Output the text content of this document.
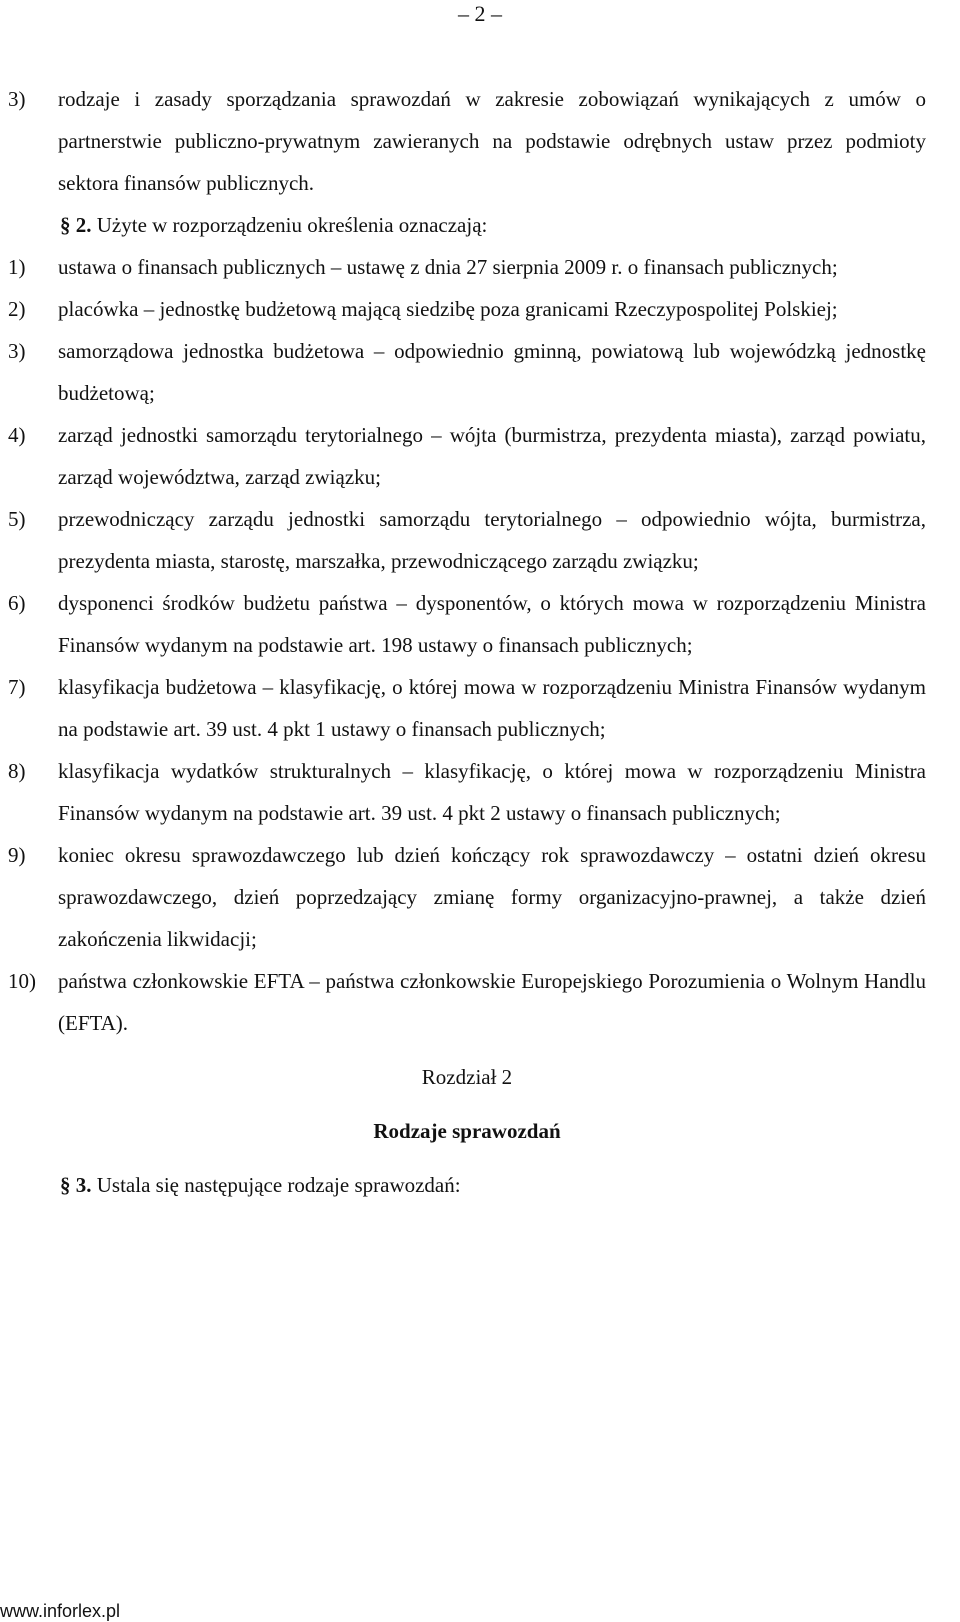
– 2 –
3) rodzaje i zasady sporządzania sprawozdań w zakresie zobowiązań wynikających z umów o partnerstwie publiczno-prywatnym zawieranych na podstawie odrębnych ustaw przez podmioty sektora finansów publicznych.
§ 2. Użyte w rozporządzeniu określenia oznaczają:
1) ustawa o finansach publicznych – ustawę z dnia 27 sierpnia 2009 r. o finansach publicznych;
2) placówka – jednostkę budżetową mającą siedzibę poza granicami Rzeczypospolitej Polskiej;
3) samorządowa jednostka budżetowa – odpowiednio gminną, powiatową lub wojewódzką jednostkę budżetową;
4) zarząd jednostki samorządu terytorialnego – wójta (burmistrza, prezydenta miasta), zarząd powiatu, zarząd województwa, zarząd związku;
5) przewodniczący zarządu jednostki samorządu terytorialnego – odpowiednio wójta, burmistrza, prezydenta miasta, starostę, marszałka, przewodniczącego zarządu związku;
6) dysponenci środków budżetu państwa – dysponentów, o których mowa w rozporządzeniu Ministra Finansów wydanym na podstawie art. 198 ustawy o finansach publicznych;
7) klasyfikacja budżetowa – klasyfikację, o której mowa w rozporządzeniu Ministra Finansów wydanym na podstawie art. 39 ust. 4 pkt 1 ustawy o finansach publicznych;
8) klasyfikacja wydatków strukturalnych – klasyfikację, o której mowa w rozporządzeniu Ministra Finansów wydanym na podstawie art. 39 ust. 4 pkt 2 ustawy o finansach publicznych;
9) koniec okresu sprawozdawczego lub dzień kończący rok sprawozdawczy – ostatni dzień okresu sprawozdawczego, dzień poprzedzający zmianę formy organizacyjno-prawnej, a także dzień zakończenia likwidacji;
10) państwa członkowskie EFTA – państwa członkowskie Europejskiego Porozumienia o Wolnym Handlu (EFTA).
Rozdział 2
Rodzaje sprawozdań
§ 3. Ustala się następujące rodzaje sprawozdań:
www.inforlex.pl
